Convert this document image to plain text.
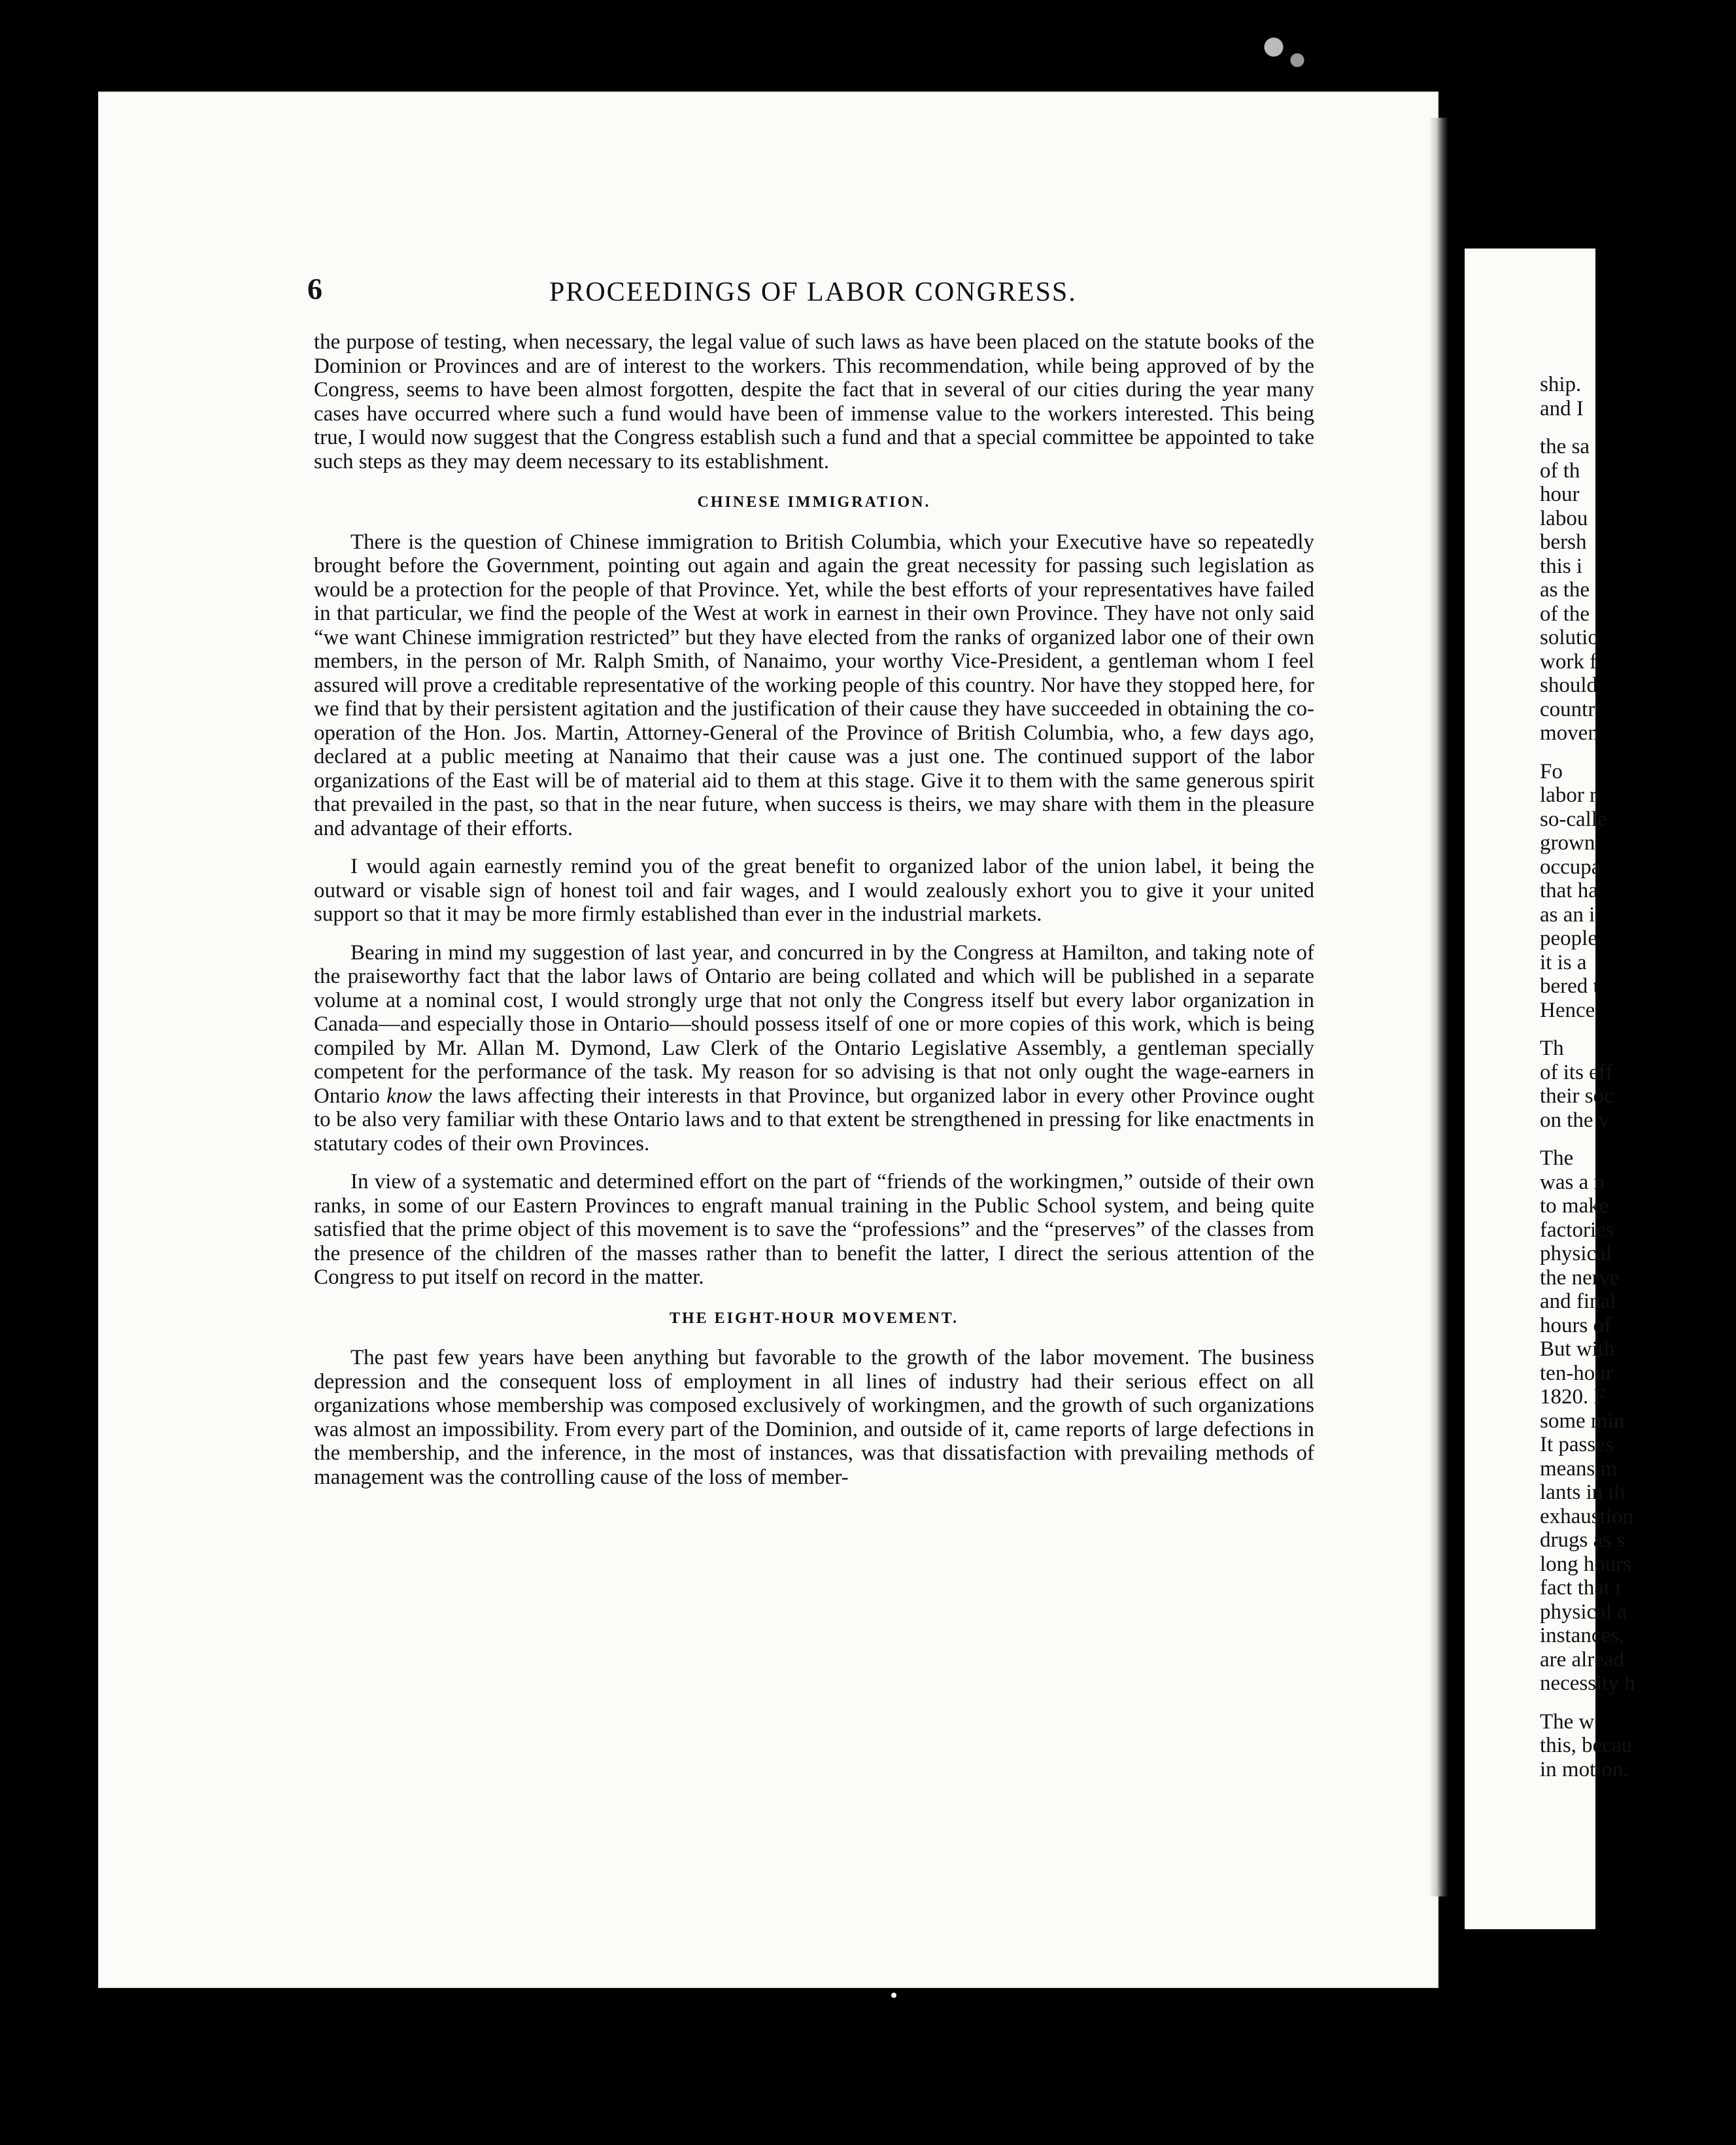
6	PROCEEDINGS OF LABOR CONGRESS.

the purpose of testing, when necessary, the legal value of such laws as have been placed on the statute books of the Dominion or Provinces and are of interest to the workers. This recommendation, while being approved of by the Congress, seems to have been almost forgotten, despite the fact that in several of our cities during the year many cases have occurred where such a fund would have been of immense value to the workers interested. This being true, I would now suggest that the Congress establish such a fund and that a special committee be appointed to take such steps as they may deem necessary to its establishment.

CHINESE IMMIGRATION.

There is the question of Chinese immigration to British Columbia, which your Executive have so repeatedly brought before the Government, pointing out again and again the great necessity for passing such legislation as would be a protection for the people of that Province. Yet, while the best efforts of your representatives have failed in that particular, we find the people of the West at work in earnest in their own Province. They have not only said “we want Chinese immigration restricted” but they have elected from the ranks of organized labor one of their own members, in the person of Mr. Ralph Smith, of Nanaimo, your worthy Vice-President, a gentleman whom I feel assured will prove a creditable representative of the working people of this country. Nor have they stopped here, for we find that by their persistent agitation and the justification of their cause they have succeeded in obtaining the co-operation of the Hon. Jos. Martin, Attorney-General of the Province of British Columbia, who, a few days ago, declared at a public meeting at Nanaimo that their cause was a just one. The continued support of the labor organizations of the East will be of material aid to them at this stage. Give it to them with the same generous spirit that prevailed in the past, so that in the near future, when success is theirs, we may share with them in the pleasure and advantage of their efforts.

I would again earnestly remind you of the great benefit to organized labor of the union label, it being the outward or visable sign of honest toil and fair wages, and I would zealously exhort you to give it your united support so that it may be more firmly established than ever in the industrial markets.

Bearing in mind my suggestion of last year, and concurred in by the Congress at Hamilton, and taking note of the praiseworthy fact that the labor laws of Ontario are being collated and which will be published in a separate volume at a nominal cost, I would strongly urge that not only the Congress itself but every labor organization in Canada—and especially those in Ontario—should possess itself of one or more copies of this work, which is being compiled by Mr. Allan M. Dymond, Law Clerk of the Ontario Legislative Assembly, a gentleman specially competent for the performance of the task. My reason for so advising is that not only ought the wage-earners in Ontario know the laws affecting their interests in that Province, but organized labor in every other Province ought to be also very familiar with these Ontario laws and to that extent be strengthened in pressing for like enactments in statutary codes of their own Provinces.

In view of a systematic and determined effort on the part of “friends of the workingmen,” outside of their own ranks, in some of our Eastern Provinces to engraft manual training in the Public School system, and being quite satisfied that the prime object of this movement is to save the “professions” and the “preserves” of the classes from the presence of the children of the masses rather than to benefit the latter, I direct the serious attention of the Congress to put itself on record in the matter.

THE EIGHT-HOUR MOVEMENT.

The past few years have been anything but favorable to the growth of the labor movement. The business depression and the consequent loss of employment in all lines of industry had their serious effect on all organizations whose membership was composed exclusively of workingmen, and the growth of such organizations was almost an impossibility. From every part of the Dominion, and outside of it, came reports of large defections in the membership, and the inference, in the most of instances, was that dissatisfaction with prevailing methods of management was the controlling cause of the loss of member-

ship.
and I
the sa
of th
hour
labou
bersh
this i
as the
of the
solutio
work f
should
countr
moven
Fo
labor r
so-calle
grown
occupa
that ha
as an i
people.
it is a
bered t
Hence
Th
of its eff
their soc
on the v
The
was a n
to make
factories
physical
the nerve
and final
hours of
But with
ten-hour
1820. F
some min
It passes
means m
lants in th
exhaustion
drugs as s
long hours
fact that t
physical a
instances,
are alread
necessity h
The w
this, becau
in motion.
